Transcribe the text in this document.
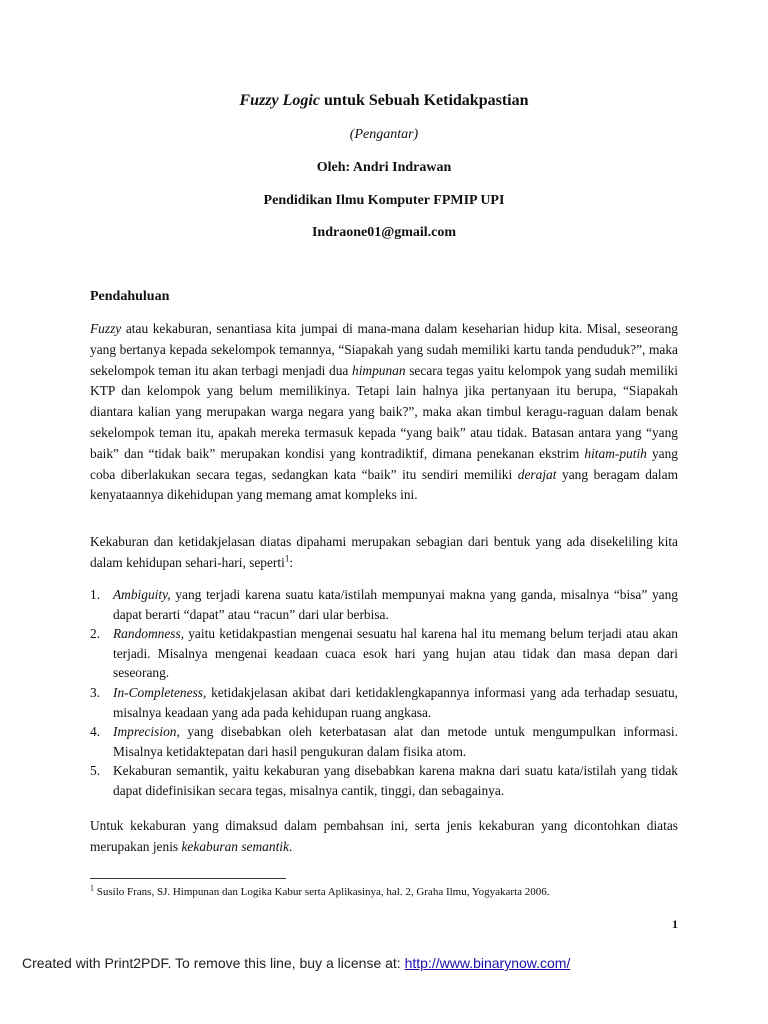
Fuzzy Logic untuk Sebuah Ketidakpastian
(Pengantar)
Oleh: Andri Indrawan
Pendidikan Ilmu Komputer FPMIP UPI
Indraone01@gmail.com
Pendahuluan
Fuzzy atau kekaburan, senantiasa kita jumpai di mana-mana dalam keseharian hidup kita. Misal, seseorang yang bertanya kepada sekelompok temannya, “Siapakah yang sudah memiliki kartu tanda penduduk?”, maka sekelompok teman itu akan terbagi menjadi dua himpunan secara tegas yaitu kelompok yang sudah memiliki KTP dan kelompok yang belum memilikinya. Tetapi lain halnya jika pertanyaan itu berupa, “Siapakah diantara kalian yang merupakan warga negara yang baik?”, maka akan timbul keragu-raguan dalam benak sekelompok teman itu, apakah mereka termasuk kepada “yang baik” atau tidak. Batasan antara yang “yang baik” dan “tidak baik” merupakan kondisi yang kontradiktif, dimana penekanan ekstrim hitam-putih yang coba diberlakukan secara tegas, sedangkan kata “baik” itu sendiri memiliki derajat yang beragam dalam kenyataannya dikehidupan yang memang amat kompleks ini.
Kekaburan dan ketidakjelasan diatas dipahami merupakan sebagian dari bentuk yang ada disekeliling kita dalam kehidupan sehari-hari, seperti$^1$:
1. Ambiguity, yang terjadi karena suatu kata/istilah mempunyai makna yang ganda, misalnya “bisa” yang dapat berarti “dapat” atau “racun” dari ular berbisa.
2. Randomness, yaitu ketidakpastian mengenai sesuatu hal karena hal itu memang belum terjadi atau akan terjadi. Misalnya mengenai keadaan cuaca esok hari yang hujan atau tidak dan masa depan dari seseorang.
3. In-Completeness, ketidakjelasan akibat dari ketidaklengkapannya informasi yang ada terhadap sesuatu, misalnya keadaan yang ada pada kehidupan ruang angkasa.
4. Imprecision, yang disebabkan oleh keterbatasan alat dan metode untuk mengumpulkan informasi. Misalnya ketidaktepatan dari hasil pengukuran dalam fisika atom.
5. Kekaburan semantik, yaitu kekaburan yang disebabkan karena makna dari suatu kata/istilah yang tidak dapat didefinisikan secara tegas, misalnya cantik, tinggi, dan sebagainya.
Untuk kekaburan yang dimaksud dalam pembahsan ini, serta jenis kekaburan yang dicontohkan diatas merupakan jenis kekaburan semantik.
$^1$ Susilo Frans, SJ. Himpunan dan Logika Kabur serta Aplikasinya, hal. 2, Graha Ilmu, Yogyakarta 2006.
1
Created with Print2PDF. To remove this line, buy a license at: http://www.binarynow.com/
